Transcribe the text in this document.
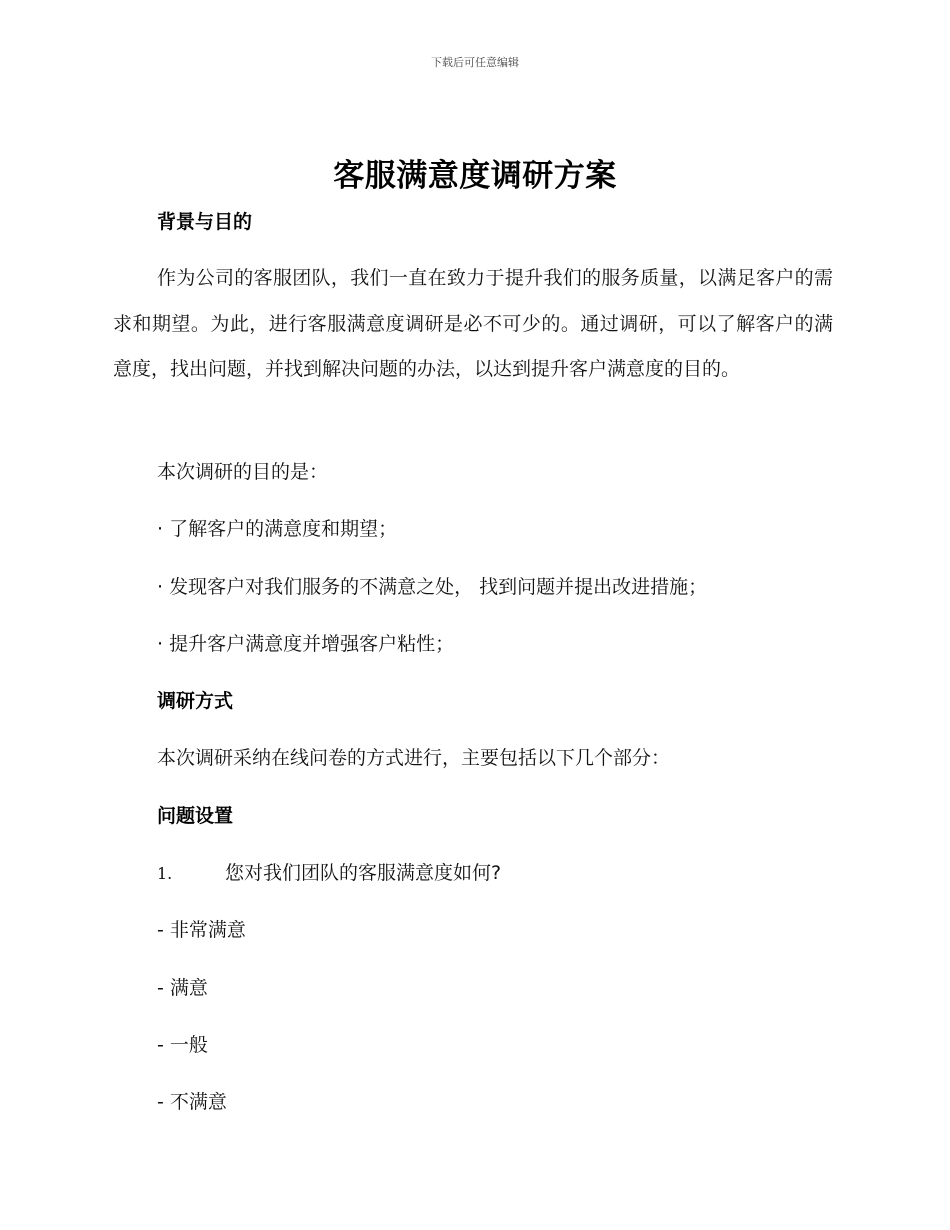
下载后可任意编辑
客服满意度调研方案
背景与目的

作为公司的客服团队，我们一直在致力于提升我们的服务质量，以满足客户的需求和期望。为此，进行客服满意度调研是必不可少的。通过调研，可以了解客户的满意度，找出问题，并找到解决问题的办法，以达到提升客户满意度的目的。

本次调研的目的是：
· 了解客户的满意度和期望；
· 发现客户对我们服务的不满意之处， 找到问题并提出改进措施；
· 提升客户满意度并增强客户粘性；
调研方式
本次调研采纳在线问卷的方式进行，主要包括以下几个部分：
问题设置
1.	您对我们团队的客服满意度如何?
- 非常满意
- 满意
- 一般
- 不满意
